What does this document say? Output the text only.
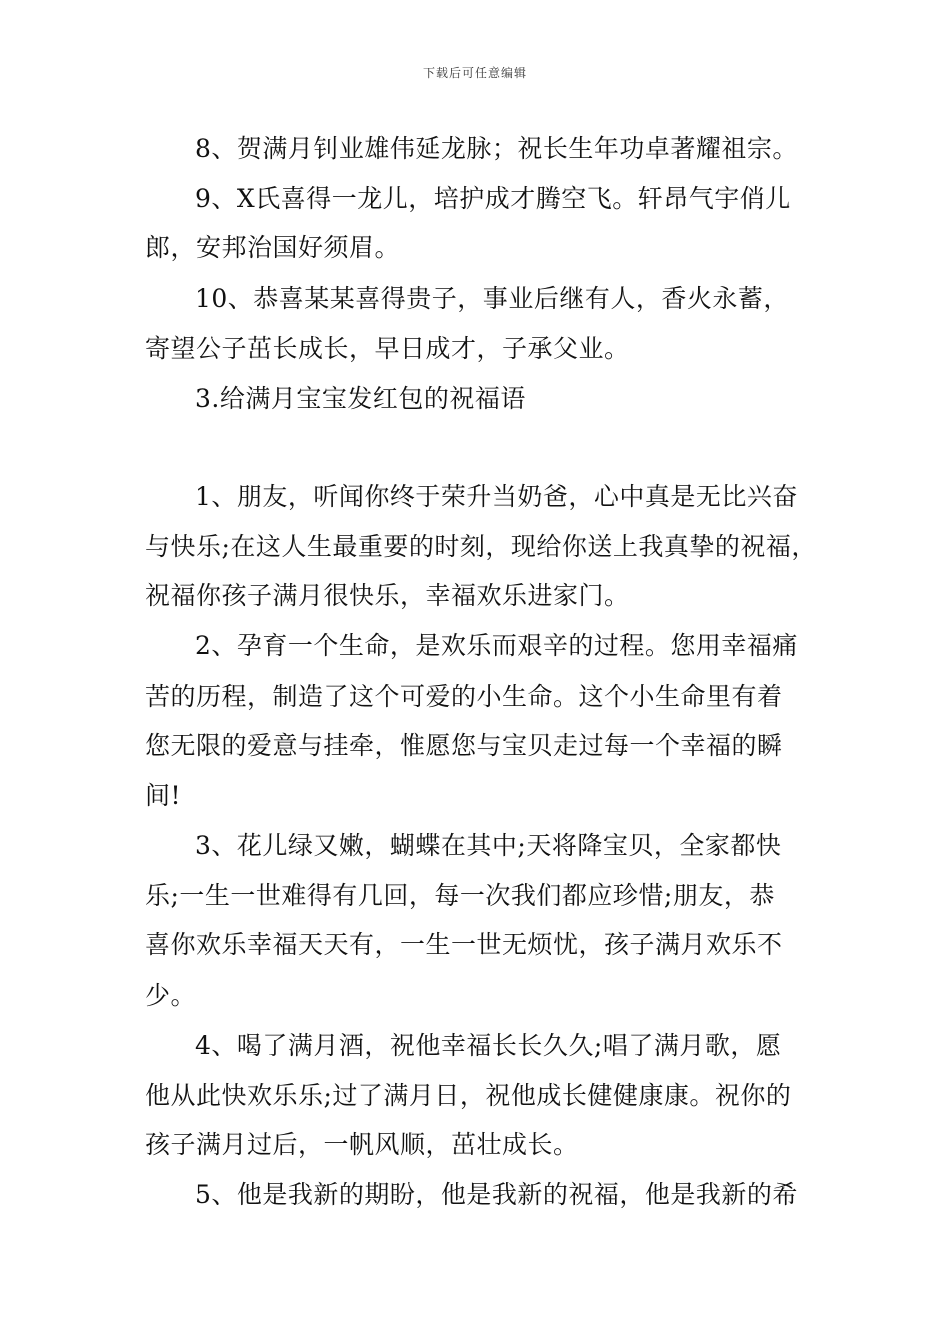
下载后可任意编辑
8、贺满月钊业雄伟延龙脉；祝长生年功卓著耀祖宗。
9、X氏喜得一龙儿，培护成才腾空飞。轩昂气宇俏儿
郎，安邦治国好须眉。
10、恭喜某某喜得贵子，事业后继有人，香火永蓄，
寄望公子茁长成长，早日成才，子承父业。
3.给满月宝宝发红包的祝福语
1、朋友，听闻你终于荣升当奶爸，心中真是无比兴奋
与快乐;在这人生最重要的时刻，现给你送上我真挚的祝福，
祝福你孩子满月很快乐，幸福欢乐进家门。
2、孕育一个生命，是欢乐而艰辛的过程。您用幸福痛
苦的历程，制造了这个可爱的小生命。这个小生命里有着
您无限的爱意与挂牵，惟愿您与宝贝走过每一个幸福的瞬
间!
3、花儿绿又嫩，蝴蝶在其中;天将降宝贝，全家都快
乐;一生一世难得有几回，每一次我们都应珍惜;朋友，恭
喜你欢乐幸福天天有，一生一世无烦忧，孩子满月欢乐不
少。
4、喝了满月酒，祝他幸福长长久久;唱了满月歌，愿
他从此快欢乐乐;过了满月日，祝他成长健健康康。祝你的
孩子满月过后，一帆风顺，茁壮成长。
5、他是我新的期盼，他是我新的祝福，他是我新的希
